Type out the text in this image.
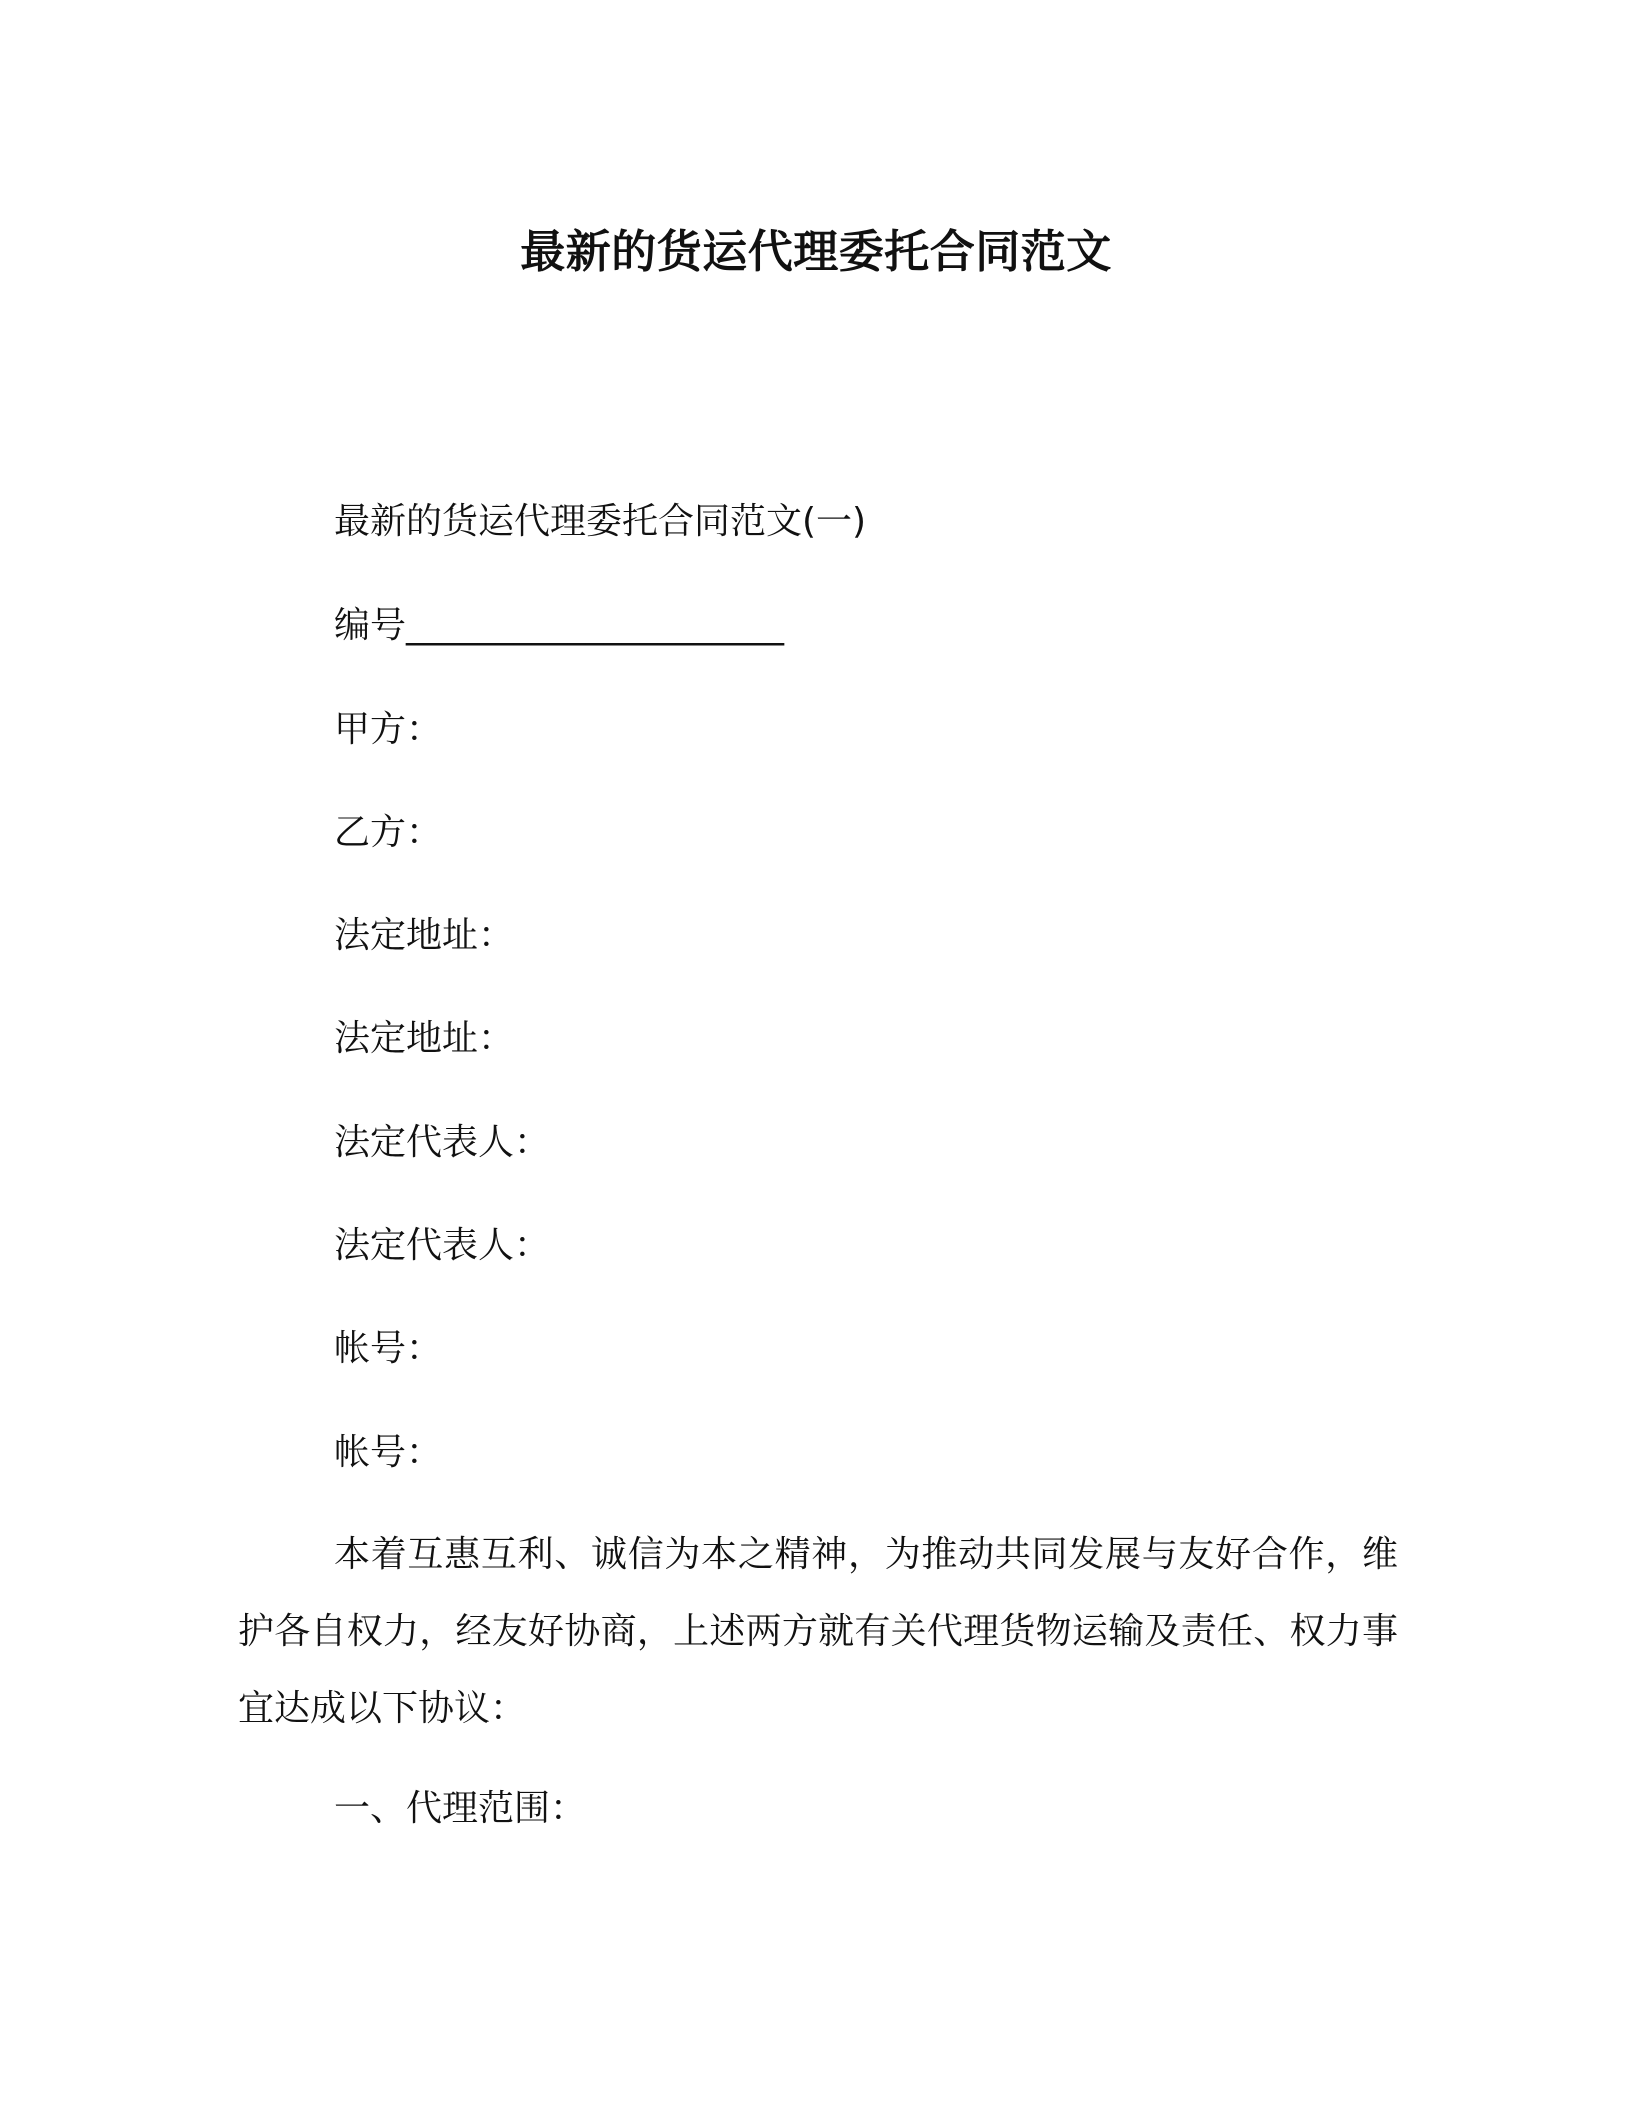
最新的货运代理委托合同范文
最新的货运代理委托合同范文(一)
编号_____________________
甲方：
乙方：
法定地址：
法定地址：
法定代表人：
法定代表人：
帐号：
帐号：
本着互惠互利、诚信为本之精神，为推动共同发展与友好合作，维护各自权力，经友好协商，上述两方就有关代理货物运输及责任、权力事宜达成以下协议：
一、代理范围：
